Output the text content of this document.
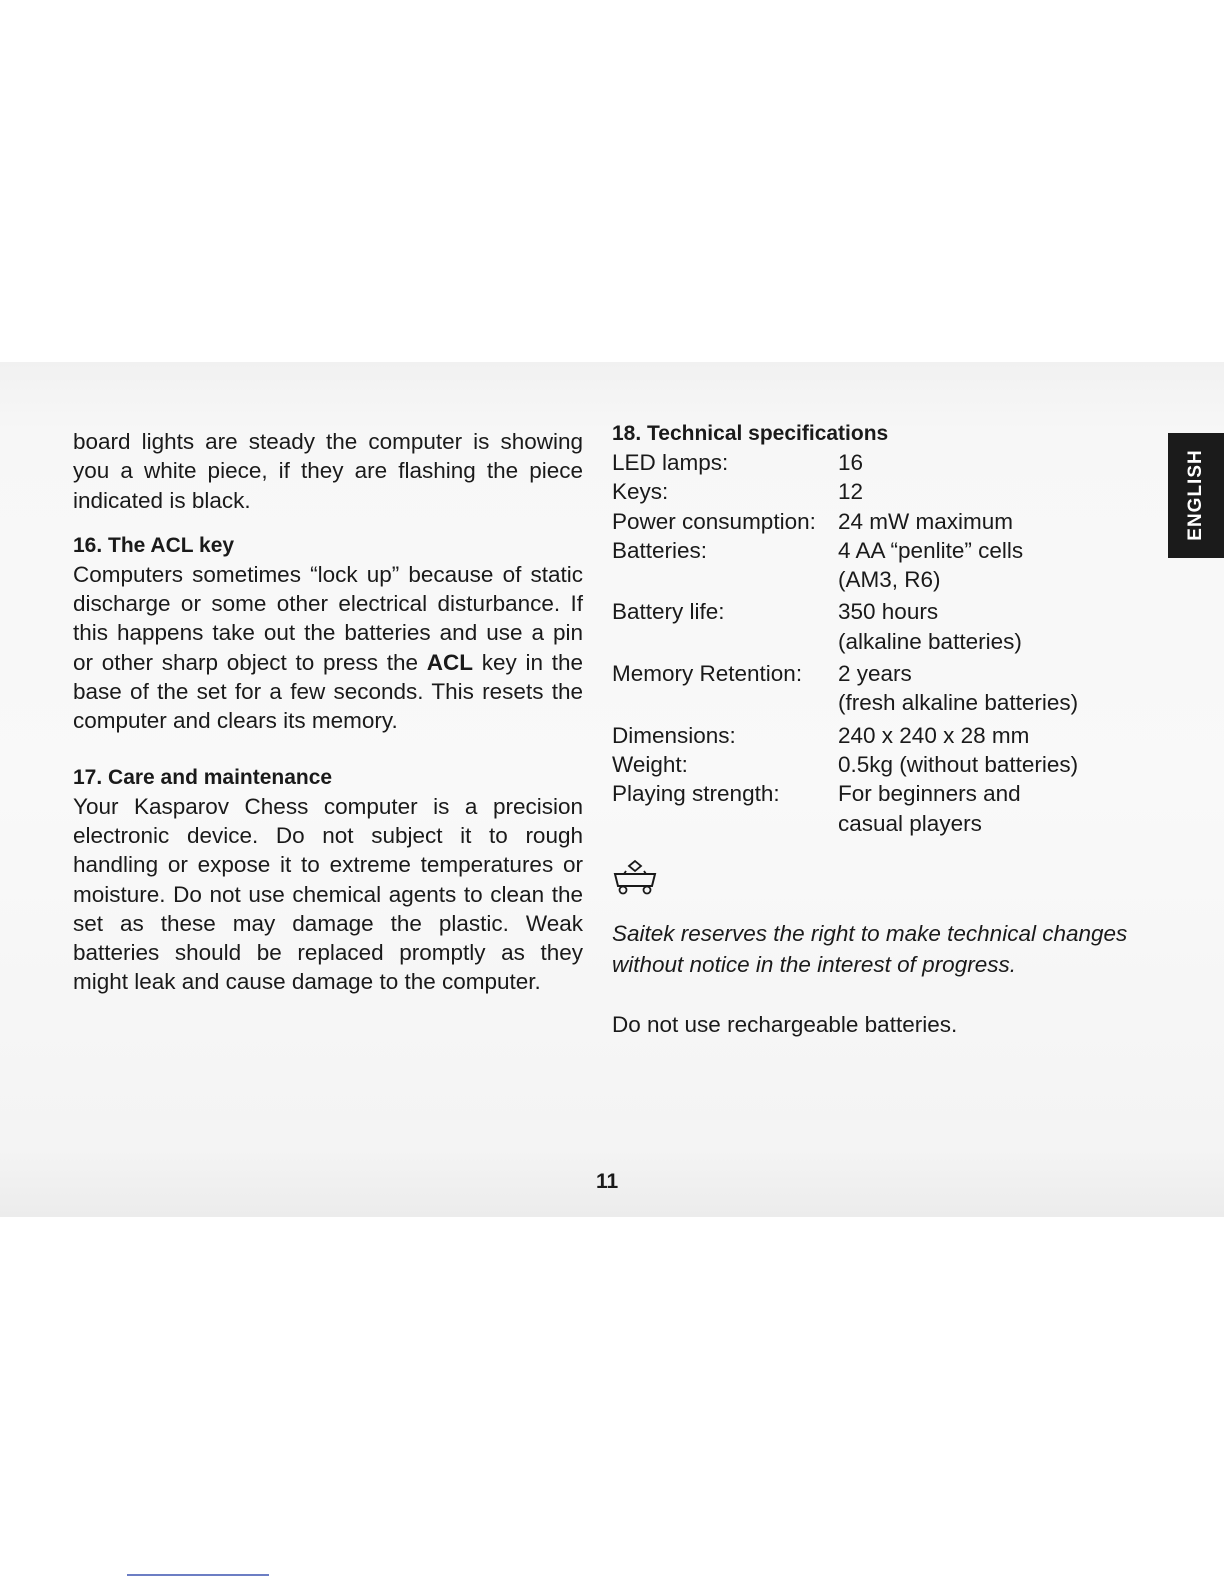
board lights are steady the computer is showing you a white piece, if they are flashing the piece indicated is black.

16. The ACL key

Computers sometimes “lock up” because of static discharge or some other electrical disturbance. If this happens take out the batteries and use a pin or other sharp object to press the ACL key in the base of the set for a few seconds. This resets the computer and clears its memory.

17. Care and maintenance

Your Kasparov Chess computer is a precision electronic device. Do not subject it to rough handling or expose it to extreme temperatures or moisture. Do not use chemical agents to clean the set as these may damage the plastic. Weak batteries should be replaced promptly as they might leak and cause damage to the computer.

18. Technical specifications
LED lamps:	16
Keys:	12
Power consumption: 24 mW maximum
Batteries:	4 AA “penlite” cells
(AM3, R6)
Battery life:	350 hours
(alkaline batteries)
Memory Retention:	2 years
(fresh alkaline batteries)
Dimensions:	240 x 240 x 28 mm
Weight:	0.5kg (without batteries)
Playing strength:	For beginners and
casual players

Saitek reserves the right to make technical changes without notice in the interest of progress.

Do not use rechargeable batteries.

11
ENGLISH
